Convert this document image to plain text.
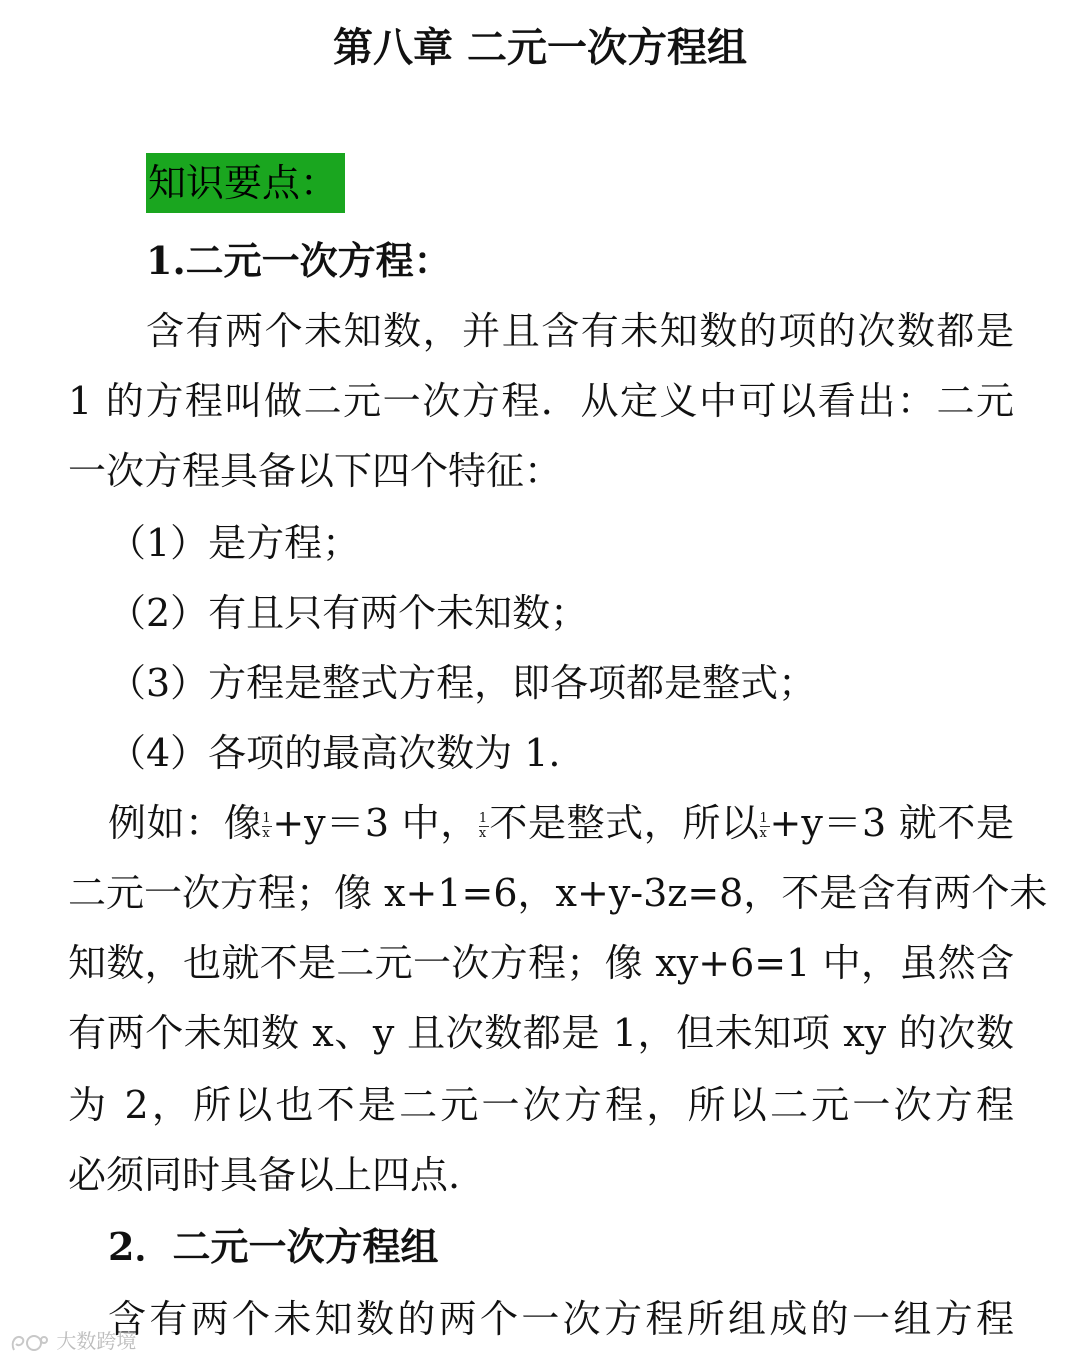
第八章 二元一次方程组
知识要点：
1.二元一次方程：
含有两个未知数，并且含有未知数的项的次数都是
1 的方程叫做二元一次方程．从定义中可以看出：二元
一次方程具备以下四个特征：
（1）是方程；
（2）有且只有两个未知数；
（3）方程是整式方程，即各项都是整式；
（4）各项的最高次数为 1.
例如：像 $\frac{1}{x} +y=3$ 中， $\frac{1}{x}$ 不是整式，所以 $\frac{1}{x} +y=3$ 就不是
二元一次方程；像 x+1=6，x+y-3z=8，不是含有两个未
知数，也就不是二元一次方程；像 xy+6=1 中，虽然含
有两个未知数 x、y 且次数都是 1，但未知项 xy 的次数
为 2，所以也不是二元一次方程，所以二元一次方程
必须同时具备以上四点.
2．二元一次方程组
含有两个未知数的两个一次方程所组成的一组方程
大数跨境
